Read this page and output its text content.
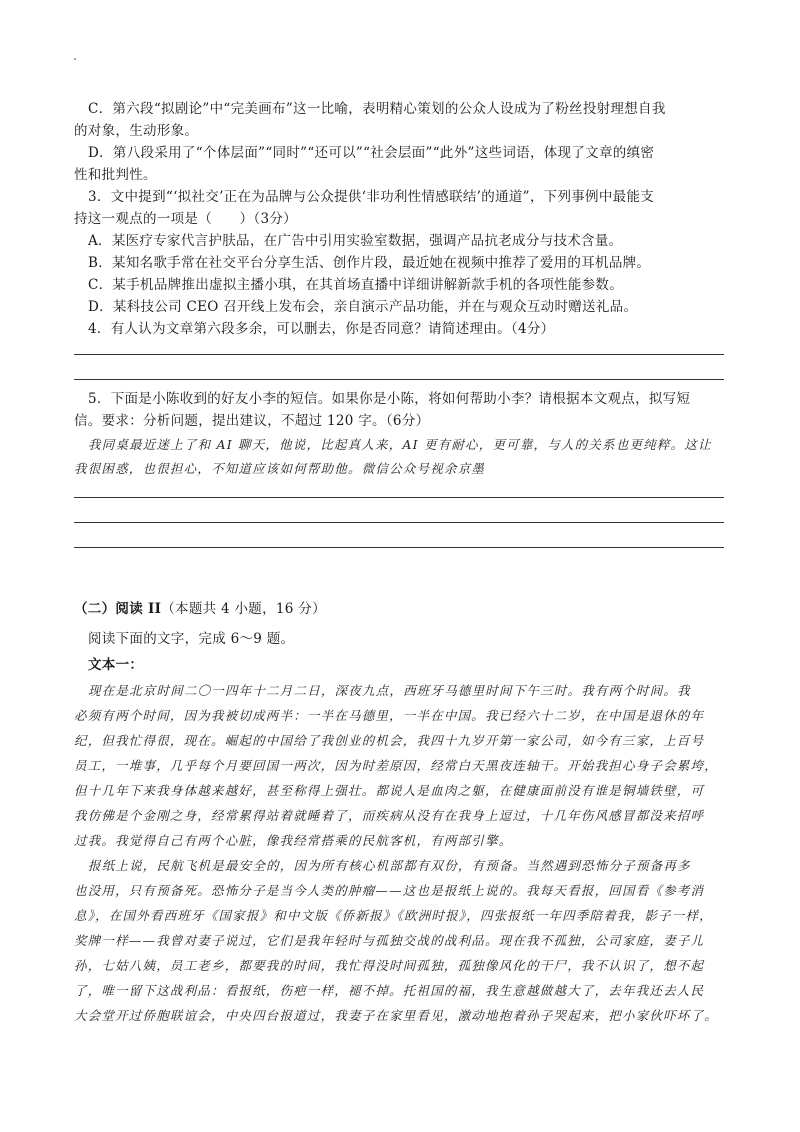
C．第六段“拟剧论”中“完美画布”这一比喻，表明精心策划的公众人设成为了粉丝投射理想自我
的对象，生动形象。
D．第八段采用了“个体层面”“同时”“还可以”“社会层面”“此外”这些词语，体现了文章的缜密
性和批判性。
3．文中提到“‘拟社交’正在为品牌与公众提供‘非功利性情感联结’的通道”，下列事例中最能支
持这一观点的一项是（　　）（3分）
A．某医疗专家代言护肤品，在广告中引用实验室数据，强调产品抗老成分与技术含量。
B．某知名歌手常在社交平台分享生活、创作片段，最近她在视频中推荐了爱用的耳机品牌。
C．某手机品牌推出虚拟主播小琪，在其首场直播中详细讲解新款手机的各项性能参数。
D．某科技公司 CEO 召开线上发布会，亲自演示产品功能，并在与观众互动时赠送礼品。
4．有人认为文章第六段多余，可以删去，你是否同意？请简述理由。（4分）
5．下面是小陈收到的好友小李的短信。如果你是小陈，将如何帮助小李？请根据本文观点，拟写短
信。要求：分析问题，提出建议，不超过 120 字。（6分）
我同桌最近迷上了和 AI 聊天，他说，比起真人来，AI 更有耐心，更可靠，与人的关系也更纯粹。这让
我很困惑，也很担心，不知道应该如何帮助他。微信公众号视余京墨
（二）阅读 II（本题共 4 小题，16 分）
阅读下面的文字，完成 6～9 题。
文本一：
现在是北京时间二〇一四年十二月二日，深夜九点，西班牙马德里时间下午三时。我有两个时间。我
必须有两个时间，因为我被切成两半：一半在马德里，一半在中国。我已经六十二岁，在中国是退休的年
纪，但我忙得很，现在。崛起的中国给了我创业的机会，我四十九岁开第一家公司，如今有三家，上百号
员工，一堆事，几乎每个月要回国一两次，因为时差原因，经常白天黑夜连轴干。开始我担心身子会累垮，
但十几年下来我身体越来越好，甚至称得上强壮。都说人是血肉之躯，在健康面前没有谁是铜墙铁壁，可
我仿佛是个金刚之身，经常累得站着就睡着了，而疾病从没有在我身上逗过，十几年伤风感冒都没来招呼
过我。我觉得自己有两个心脏，像我经常搭乘的民航客机，有两部引擎。
报纸上说，民航飞机是最安全的，因为所有核心机部都有双份，有预备。当然遇到恐怖分子预备再多
也没用，只有预备死。恐怖分子是当今人类的肿瘤——这也是报纸上说的。我每天看报，回国看《参考消
息》，在国外看西班牙《国家报》和中文版《侨新报》《欧洲时报》，四张报纸一年四季陪着我，影子一样，
奖牌一样——我曾对妻子说过，它们是我年轻时与孤独交战的战利品。现在我不孤独，公司家庭，妻子儿
孙，七姑八姨，员工老乡，都要我的时间，我忙得没时间孤独，孤独像风化的干尸，我不认识了，想不起
了，唯一留下这战利品：看报纸，伤疤一样，褪不掉。托祖国的福，我生意越做越大了，去年我还去人民
大会堂开过侨胞联谊会，中央四台报道过，我妻子在家里看见，激动地抱着孙子哭起来，把小家伙吓坏了。
